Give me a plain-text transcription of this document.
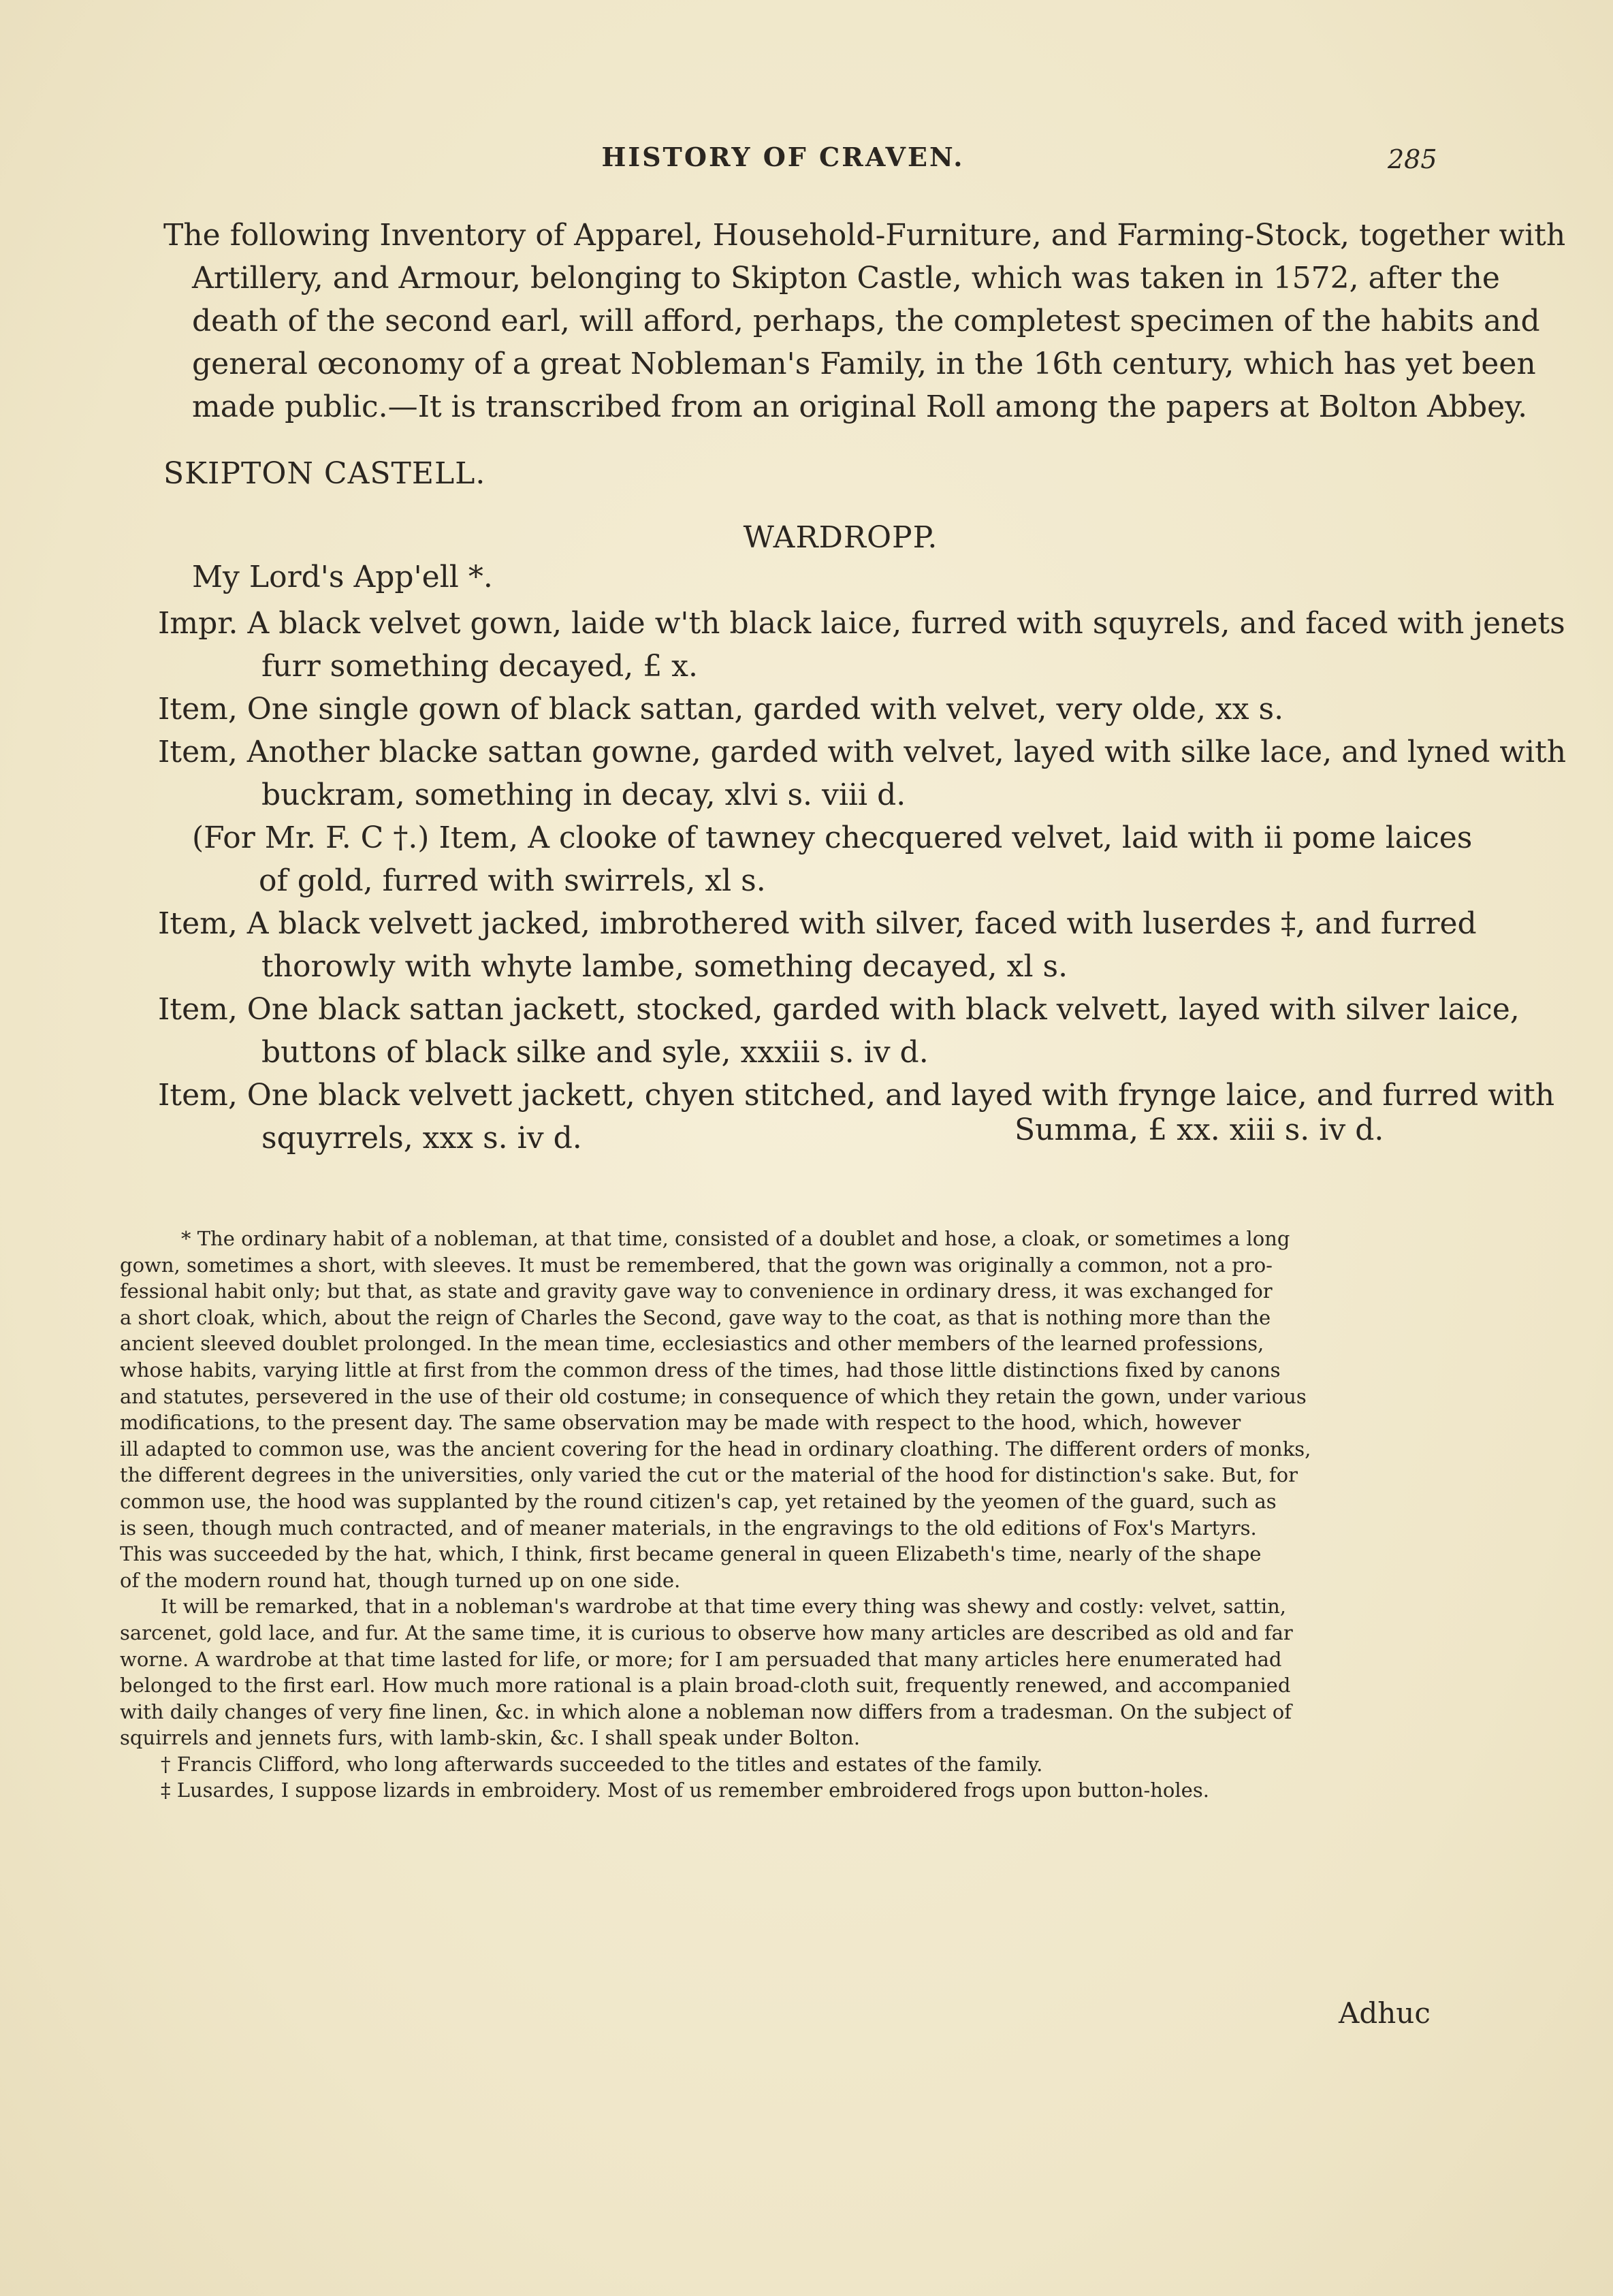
HISTORY OF CRAVEN.	285
The following Inventory of Apparel, Household-Furniture, and Farming-Stock, together with
Artillery, and Armour, belonging to Skipton Castle, which was taken in 1572, after the
death of the second earl, will afford, perhaps, the completest specimen of the habits and
general œconomy of a great Nobleman's Family, in the 16th century, which has yet been
made public.—It is transcribed from an original Roll among the papers at Bolton Abbey.
SKIPTON CASTELL.
WARDROPP.
My Lord's App'ell *.
Impr. A black velvet gown, laide w'th black laice, furred with squyrels, and faced with jenets
furr something decayed, £ x.
Item, One single gown of black sattan, garded with velvet, very olde, xx s.
Item, Another blacke sattan gowne, garded with velvet, layed with silke lace, and lyned with
buckram, something in decay, xlvi s. viii d.
(For Mr. F. C †.) Item, A clooke of tawney checquered velvet, laid with ii pome laices
of gold, furred with swirrels, xl s.
Item, A black velvett jacked, imbrothered with silver, faced with luserdes ‡, and furred
thorowly with whyte lambe, something decayed, xl s.
Item, One black sattan jackett, stocked, garded with black velvett, layed with silver laice,
buttons of black silke and syle, xxxiii s. iv d.
Item, One black velvett jackett, chyen stitched, and layed with frynge laice, and furred with
squyrrels, xxx s. iv d.	Summa, £ xx. xiii s. iv d.
* The ordinary habit of a nobleman, at that time, consisted of a doublet and hose, a cloak, or sometimes a long
gown, sometimes a short, with sleeves. It must be remembered, that the gown was originally a common, not a pro-
fessional habit only; but that, as state and gravity gave way to convenience in ordinary dress, it was exchanged for
a short cloak, which, about the reign of Charles the Second, gave way to the coat, as that is nothing more than the
ancient sleeved doublet prolonged. In the mean time, ecclesiastics and other members of the learned professions,
whose habits, varying little at first from the common dress of the times, had those little distinctions fixed by canons
and statutes, persevered in the use of their old costume; in consequence of which they retain the gown, under various
modifications, to the present day. The same observation may be made with respect to the hood, which, however
ill adapted to common use, was the ancient covering for the head in ordinary cloathing. The different orders of monks,
the different degrees in the universities, only varied the cut or the material of the hood for distinction's sake. But, for
common use, the hood was supplanted by the round citizen's cap, yet retained by the yeomen of the guard, such as
is seen, though much contracted, and of meaner materials, in the engravings to the old editions of Fox's Martyrs.
This was succeeded by the hat, which, I think, first became general in queen Elizabeth's time, nearly of the shape
of the modern round hat, though turned up on one side.
It will be remarked, that in a nobleman's wardrobe at that time every thing was shewy and costly: velvet, sattin,
sarcenet, gold lace, and fur. At the same time, it is curious to observe how many articles are described as old and far
worne. A wardrobe at that time lasted for life, or more; for I am persuaded that many articles here enumerated had
belonged to the first earl. How much more rational is a plain broad-cloth suit, frequently renewed, and accompanied
with daily changes of very fine linen, &c. in which alone a nobleman now differs from a tradesman. On the subject of
squirrels and jennets furs, with lamb-skin, &c. I shall speak under Bolton.
† Francis Clifford, who long afterwards succeeded to the titles and estates of the family.
‡ Lusardes, I suppose lizards in embroidery. Most of us remember embroidered frogs upon button-holes.
Adhuc
